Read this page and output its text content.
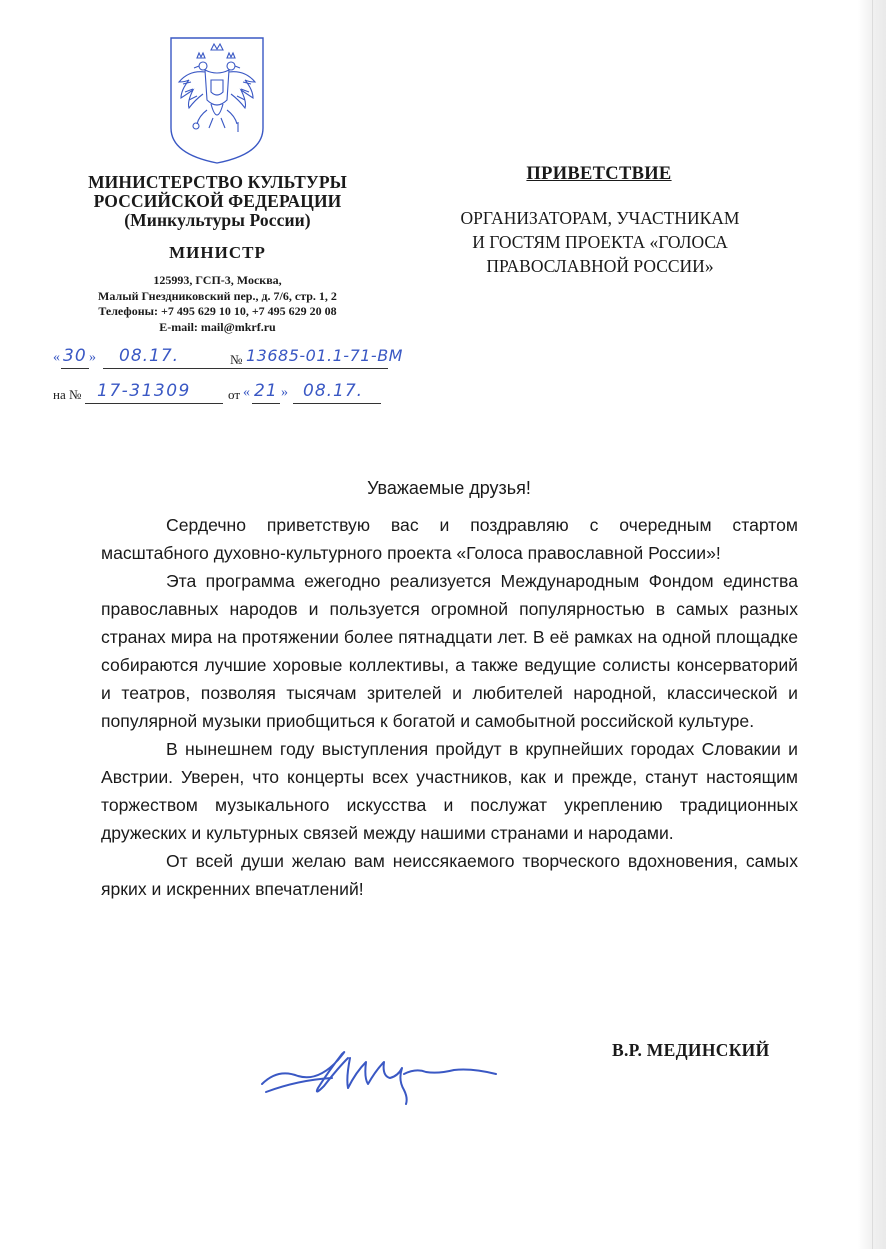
МИНИСТЕРСТВО КУЛЬТУРЫ
РОССИЙСКОЙ ФЕДЕРАЦИИ
(Минкультуры России)
МИНИСТР
125993, ГСП-3, Москва,
Малый Гнездниковский пер., д. 7/6, стр. 1, 2
Телефоны: +7 495 629 10 10, +7 495 629 20 08
E-mail: mail@mkrf.ru
« 30 » 08.17.	№ 13685-01.1-71-ВМ
на № 17-31309	от « 21 » 08.17.
ПРИВЕТСТВИЕ
ОРГАНИЗАТОРАМ, УЧАСТНИКАМ
И ГОСТЯМ ПРОЕКТА «ГОЛОСА
ПРАВОСЛАВНОЙ РОССИИ»
Уважаемые друзья!

Сердечно приветствую вас и поздравляю с очередным стартом масштабного духовно-культурного проекта «Голоса православной России»!

Эта программа ежегодно реализуется Международным Фондом единства православных народов и пользуется огромной популярностью в самых разных странах мира на протяжении более пятнадцати лет. В её рамках на одной площадке собираются лучшие хоровые коллективы, а также ведущие солисты консерваторий и театров, позволяя тысячам зрителей и любителей народной, классической и популярной музыки приобщиться к богатой и самобытной российской культуре.

В нынешнем году выступления пройдут в крупнейших городах Словакии и Австрии. Уверен, что концерты всех участников, как и прежде, станут настоящим торжеством музыкального искусства и послужат укреплению традиционных дружеских и культурных связей между нашими странами и народами.

От всей души желаю вам неиссякаемого творческого вдохновения, самых ярких и искренних впечатлений!

В.Р. МЕДИНСКИЙ
